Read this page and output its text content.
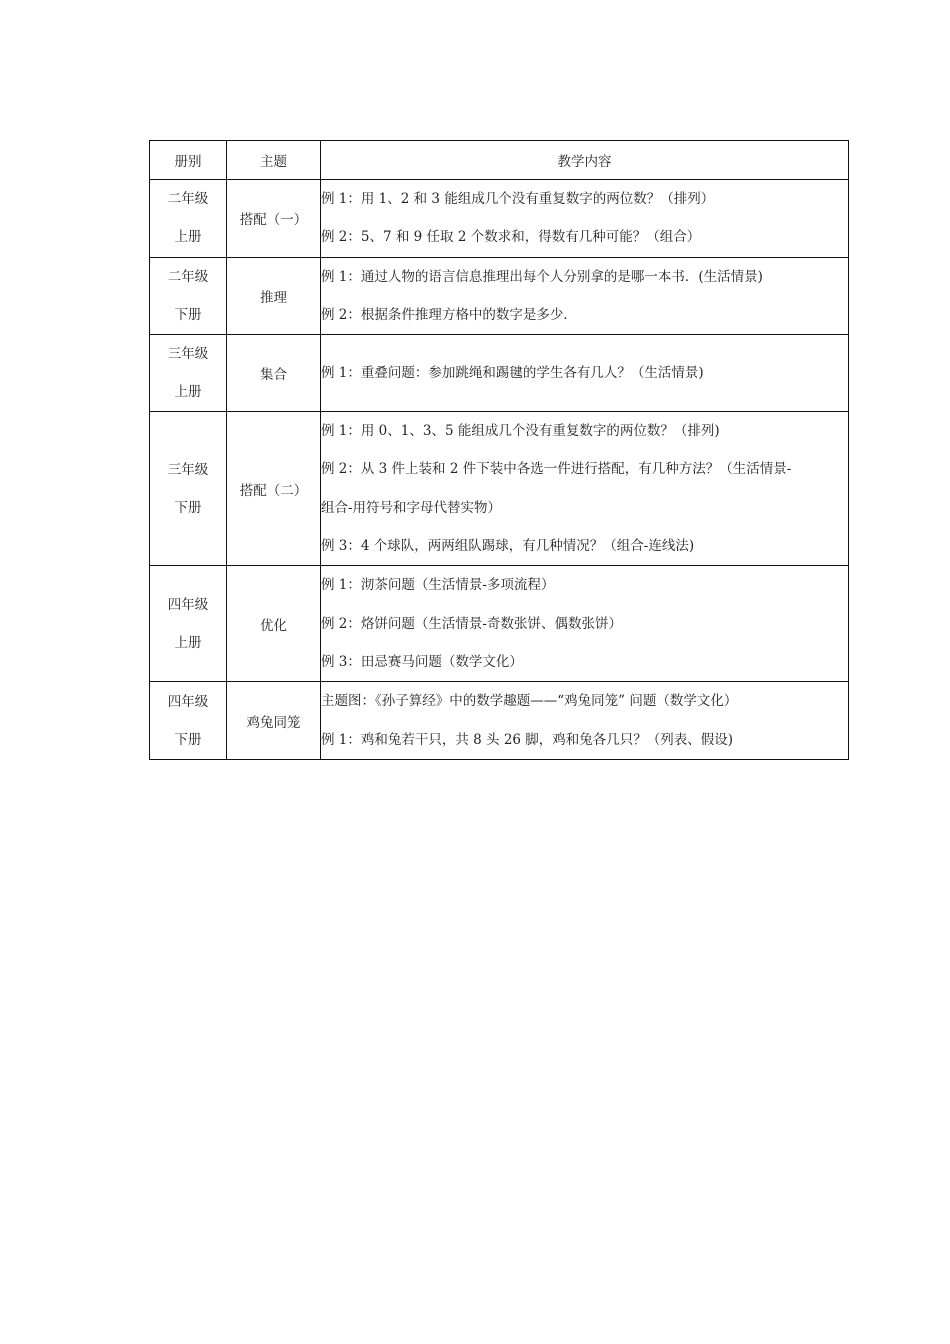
册别	主题	教学内容

二年级
上册	搭配（一）	例 1：用 1、2 和 3 能组成几个没有重复数字的两位数？（排列）
例 2：5、7 和 9 任取 2 个数求和，得数有几种可能？（组合）

二年级
下册	推理	例 1：通过人物的语言信息推理出每个人分别拿的是哪一本书．(生活情景)
例 2：根据条件推理方格中的数字是多少．

三年级
上册	集合	例 1：重叠问题：参加跳绳和踢毽的学生各有几人？（生活情景)

三年级
下册	搭配（二）	例 1：用 0、1、3、5 能组成几个没有重复数字的两位数？（排列)
例 2：从 3 件上装和 2 件下装中各选一件进行搭配，有几种方法？（生活情景-
组合-用符号和字母代替实物）
例 3：4 个球队，两两组队踢球，有几种情况？（组合-连线法)

四年级
上册	优化	例 1：沏茶问题（生活情景-多项流程）
例 2：烙饼问题（生活情景-奇数张饼、偶数张饼）
例 3：田忌赛马问题（数学文化）

四年级
下册	鸡兔同笼	主题图：《孙子算经》中的数学趣题——“鸡兔同笼” 问题（数学文化）
例 1：鸡和兔若干只，共 8 头 26 脚，鸡和兔各几只？（列表、假设)
